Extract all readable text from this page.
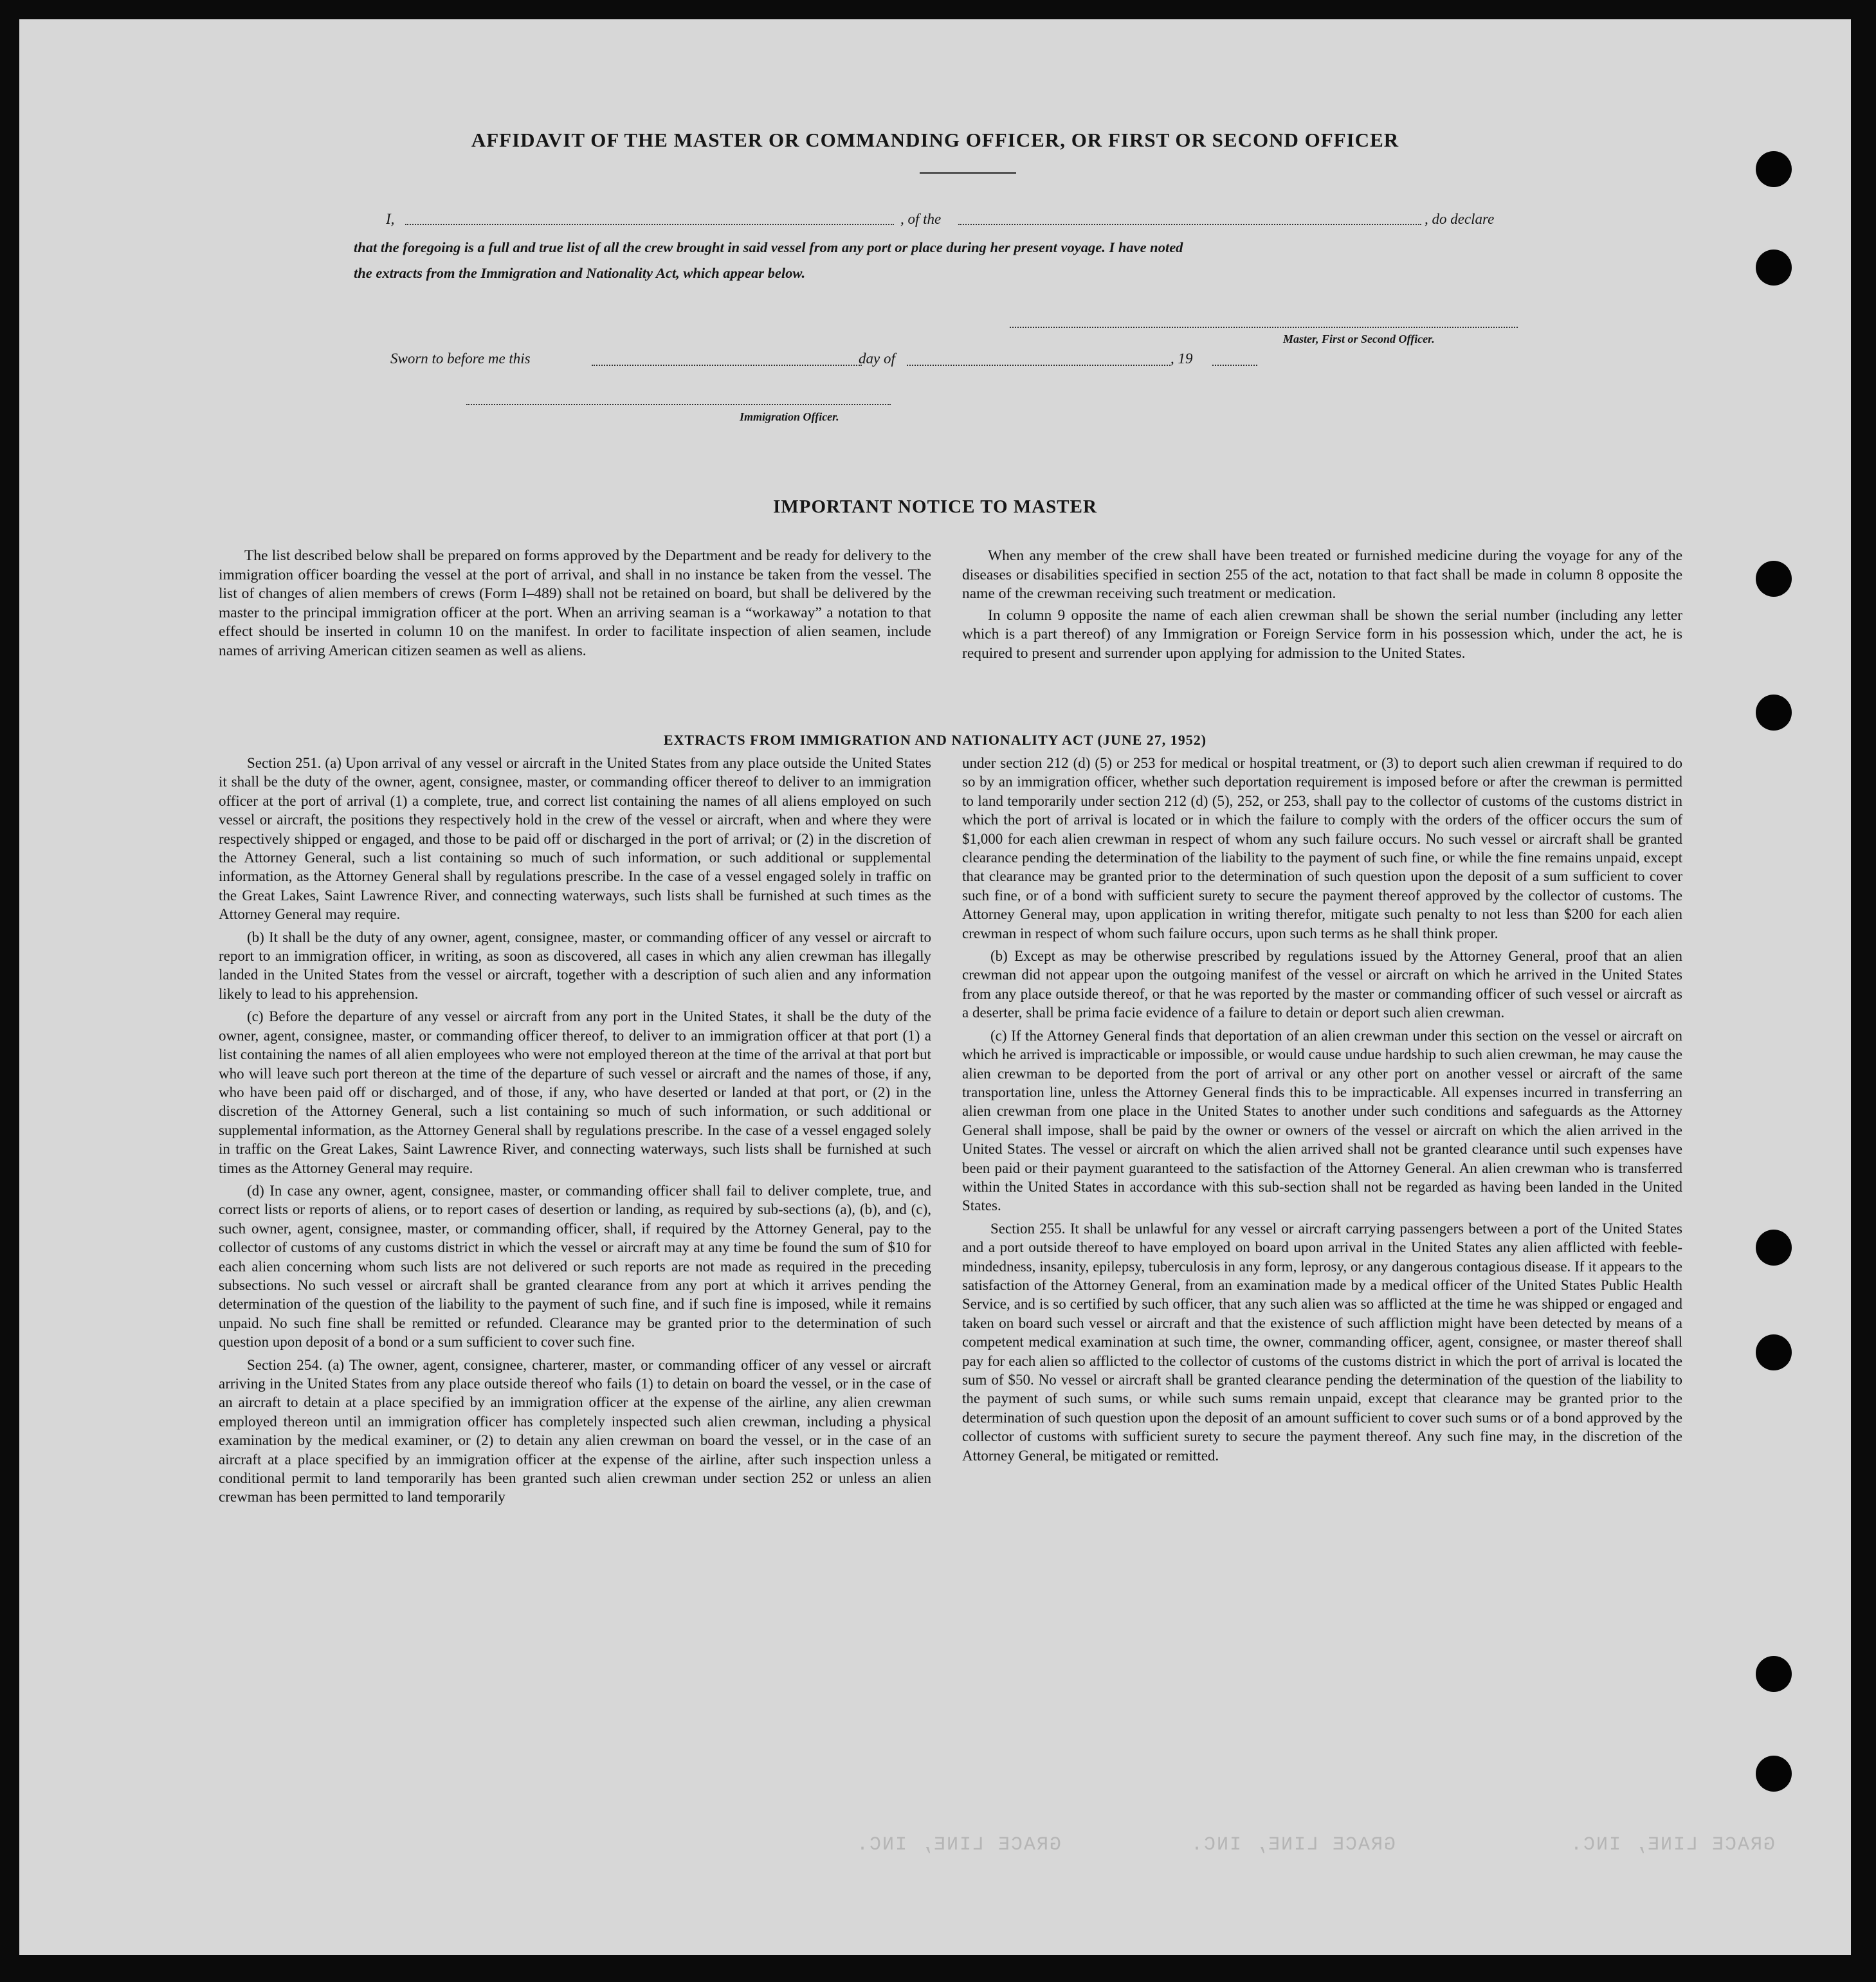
GRACE LINE, INC.	GRACE LINE, INC.	GRACE LINE, INC.
AFFIDAVIT OF THE MASTER OR COMMANDING OFFICER, OR FIRST OR SECOND OFFICER
I,	, of the	, do declare
that the foregoing is a full and true list of all the crew brought in said vessel from any port or place during her present voyage. I have noted
the extracts from the Immigration and Nationality Act, which appear below.
Master, First or Second Officer.
Sworn to before me this	day of	, 19
Immigration Officer.
IMPORTANT NOTICE TO MASTER

The list described below shall be prepared on forms approved by the Department and be ready for delivery to the immigration officer boarding the vessel at the port of arrival, and shall in no instance be taken from the vessel. The list of changes of alien members of crews (Form I–489) shall not be retained on board, but shall be delivered by the master to the principal immigration officer at the port. When an arriving seaman is a “workaway” a notation to that effect should be inserted in column 10 on the manifest. In order to facilitate inspection of alien seamen, include names of arriving American citizen seamen as well as aliens.

When any member of the crew shall have been treated or furnished medicine during the voyage for any of the diseases or disabilities specified in section 255 of the act, notation to that fact shall be made in column 8 opposite the name of the crewman receiving such treatment or medication.

In column 9 opposite the name of each alien crewman shall be shown the serial number (including any letter which is a part thereof) of any Immigration or Foreign Service form in his possession which, under the act, he is required to present and surrender upon applying for admission to the United States.

EXTRACTS FROM IMMIGRATION AND NATIONALITY ACT (JUNE 27, 1952)

Section 251. (a) Upon arrival of any vessel or aircraft in the United States from any place outside the United States it shall be the duty of the owner, agent, consignee, master, or commanding officer thereof to deliver to an immigration officer at the port of arrival (1) a complete, true, and correct list containing the names of all aliens employed on such vessel or aircraft, the positions they respectively hold in the crew of the vessel or aircraft, when and where they were respectively shipped or engaged, and those to be paid off or discharged in the port of arrival; or (2) in the discretion of the Attorney General, such a list containing so much of such information, or such additional or supplemental information, as the Attorney General shall by regulations prescribe. In the case of a vessel engaged solely in traffic on the Great Lakes, Saint Lawrence River, and connecting waterways, such lists shall be furnished at such times as the Attorney General may require.

(b) It shall be the duty of any owner, agent, consignee, master, or commanding officer of any vessel or aircraft to report to an immigration officer, in writing, as soon as discovered, all cases in which any alien crewman has illegally landed in the United States from the vessel or aircraft, together with a description of such alien and any information likely to lead to his apprehension.

(c) Before the departure of any vessel or aircraft from any port in the United States, it shall be the duty of the owner, agent, consignee, master, or commanding officer thereof, to deliver to an immigration officer at that port (1) a list containing the names of all alien employees who were not employed thereon at the time of the arrival at that port but who will leave such port thereon at the time of the departure of such vessel or aircraft and the names of those, if any, who have been paid off or discharged, and of those, if any, who have deserted or landed at that port, or (2) in the discretion of the Attorney General, such a list containing so much of such information, or such additional or supplemental information, as the Attorney General shall by regulations prescribe. In the case of a vessel engaged solely in traffic on the Great Lakes, Saint Lawrence River, and connecting waterways, such lists shall be furnished at such times as the Attorney General may require.

(d) In case any owner, agent, consignee, master, or commanding officer shall fail to deliver complete, true, and correct lists or reports of aliens, or to report cases of desertion or landing, as required by sub-sections (a), (b), and (c), such owner, agent, consignee, master, or commanding officer, shall, if required by the Attorney General, pay to the collector of customs of any customs district in which the vessel or aircraft may at any time be found the sum of $10 for each alien concerning whom such lists are not delivered or such reports are not made as required in the preceding subsections. No such vessel or aircraft shall be granted clearance from any port at which it arrives pending the determination of the question of the liability to the payment of such fine, and if such fine is imposed, while it remains unpaid. No such fine shall be remitted or refunded. Clearance may be granted prior to the determination of such question upon deposit of a bond or a sum sufficient to cover such fine.

Section 254. (a) The owner, agent, consignee, charterer, master, or commanding officer of any vessel or aircraft arriving in the United States from any place outside thereof who fails (1) to detain on board the vessel, or in the case of an aircraft to detain at a place specified by an immigration officer at the expense of the airline, any alien crewman employed thereon until an immigration officer has completely inspected such alien crewman, including a physical examination by the medical examiner, or (2) to detain any alien crewman on board the vessel, or in the case of an aircraft at a place specified by an immigration officer at the expense of the airline, after such inspection unless a conditional permit to land temporarily has been granted such alien crewman under section 252 or unless an alien crewman has been permitted to land temporarily

under section 212 (d) (5) or 253 for medical or hospital treatment, or (3) to deport such alien crewman if required to do so by an immigration officer, whether such deportation requirement is imposed before or after the crewman is permitted to land temporarily under section 212 (d) (5), 252, or 253, shall pay to the collector of customs of the customs district in which the port of arrival is located or in which the failure to comply with the orders of the officer occurs the sum of $1,000 for each alien crewman in respect of whom any such failure occurs. No such vessel or aircraft shall be granted clearance pending the determination of the liability to the payment of such fine, or while the fine remains unpaid, except that clearance may be granted prior to the determination of such question upon the deposit of a sum sufficient to cover such fine, or of a bond with sufficient surety to secure the payment thereof approved by the collector of customs. The Attorney General may, upon application in writing therefor, mitigate such penalty to not less than $200 for each alien crewman in respect of whom such failure occurs, upon such terms as he shall think proper.

(b) Except as may be otherwise prescribed by regulations issued by the Attorney General, proof that an alien crewman did not appear upon the outgoing manifest of the vessel or aircraft on which he arrived in the United States from any place outside thereof, or that he was reported by the master or commanding officer of such vessel or aircraft as a deserter, shall be prima facie evidence of a failure to detain or deport such alien crewman.

(c) If the Attorney General finds that deportation of an alien crewman under this section on the vessel or aircraft on which he arrived is impracticable or impossible, or would cause undue hardship to such alien crewman, he may cause the alien crewman to be deported from the port of arrival or any other port on another vessel or aircraft of the same transportation line, unless the Attorney General finds this to be impracticable. All expenses incurred in transferring an alien crewman from one place in the United States to another under such conditions and safeguards as the Attorney General shall impose, shall be paid by the owner or owners of the vessel or aircraft on which the alien arrived in the United States. The vessel or aircraft on which the alien arrived shall not be granted clearance until such expenses have been paid or their payment guaranteed to the satisfaction of the Attorney General. An alien crewman who is transferred within the United States in accordance with this sub-section shall not be regarded as having been landed in the United States.

Section 255. It shall be unlawful for any vessel or aircraft carrying passengers between a port of the United States and a port outside thereof to have employed on board upon arrival in the United States any alien afflicted with feeble-mindedness, insanity, epilepsy, tuberculosis in any form, leprosy, or any dangerous contagious disease. If it appears to the satisfaction of the Attorney General, from an examination made by a medical officer of the United States Public Health Service, and is so certified by such officer, that any such alien was so afflicted at the time he was shipped or engaged and taken on board such vessel or aircraft and that the existence of such affliction might have been detected by means of a competent medical examination at such time, the owner, commanding officer, agent, consignee, or master thereof shall pay for each alien so afflicted to the collector of customs of the customs district in which the port of arrival is located the sum of $50. No vessel or aircraft shall be granted clearance pending the determination of the question of the liability to the payment of such sums, or while such sums remain unpaid, except that clearance may be granted prior to the determination of such question upon the deposit of an amount sufficient to cover such sums or of a bond approved by the collector of customs with sufficient surety to secure the payment thereof. Any such fine may, in the discretion of the Attorney General, be mitigated or remitted.
